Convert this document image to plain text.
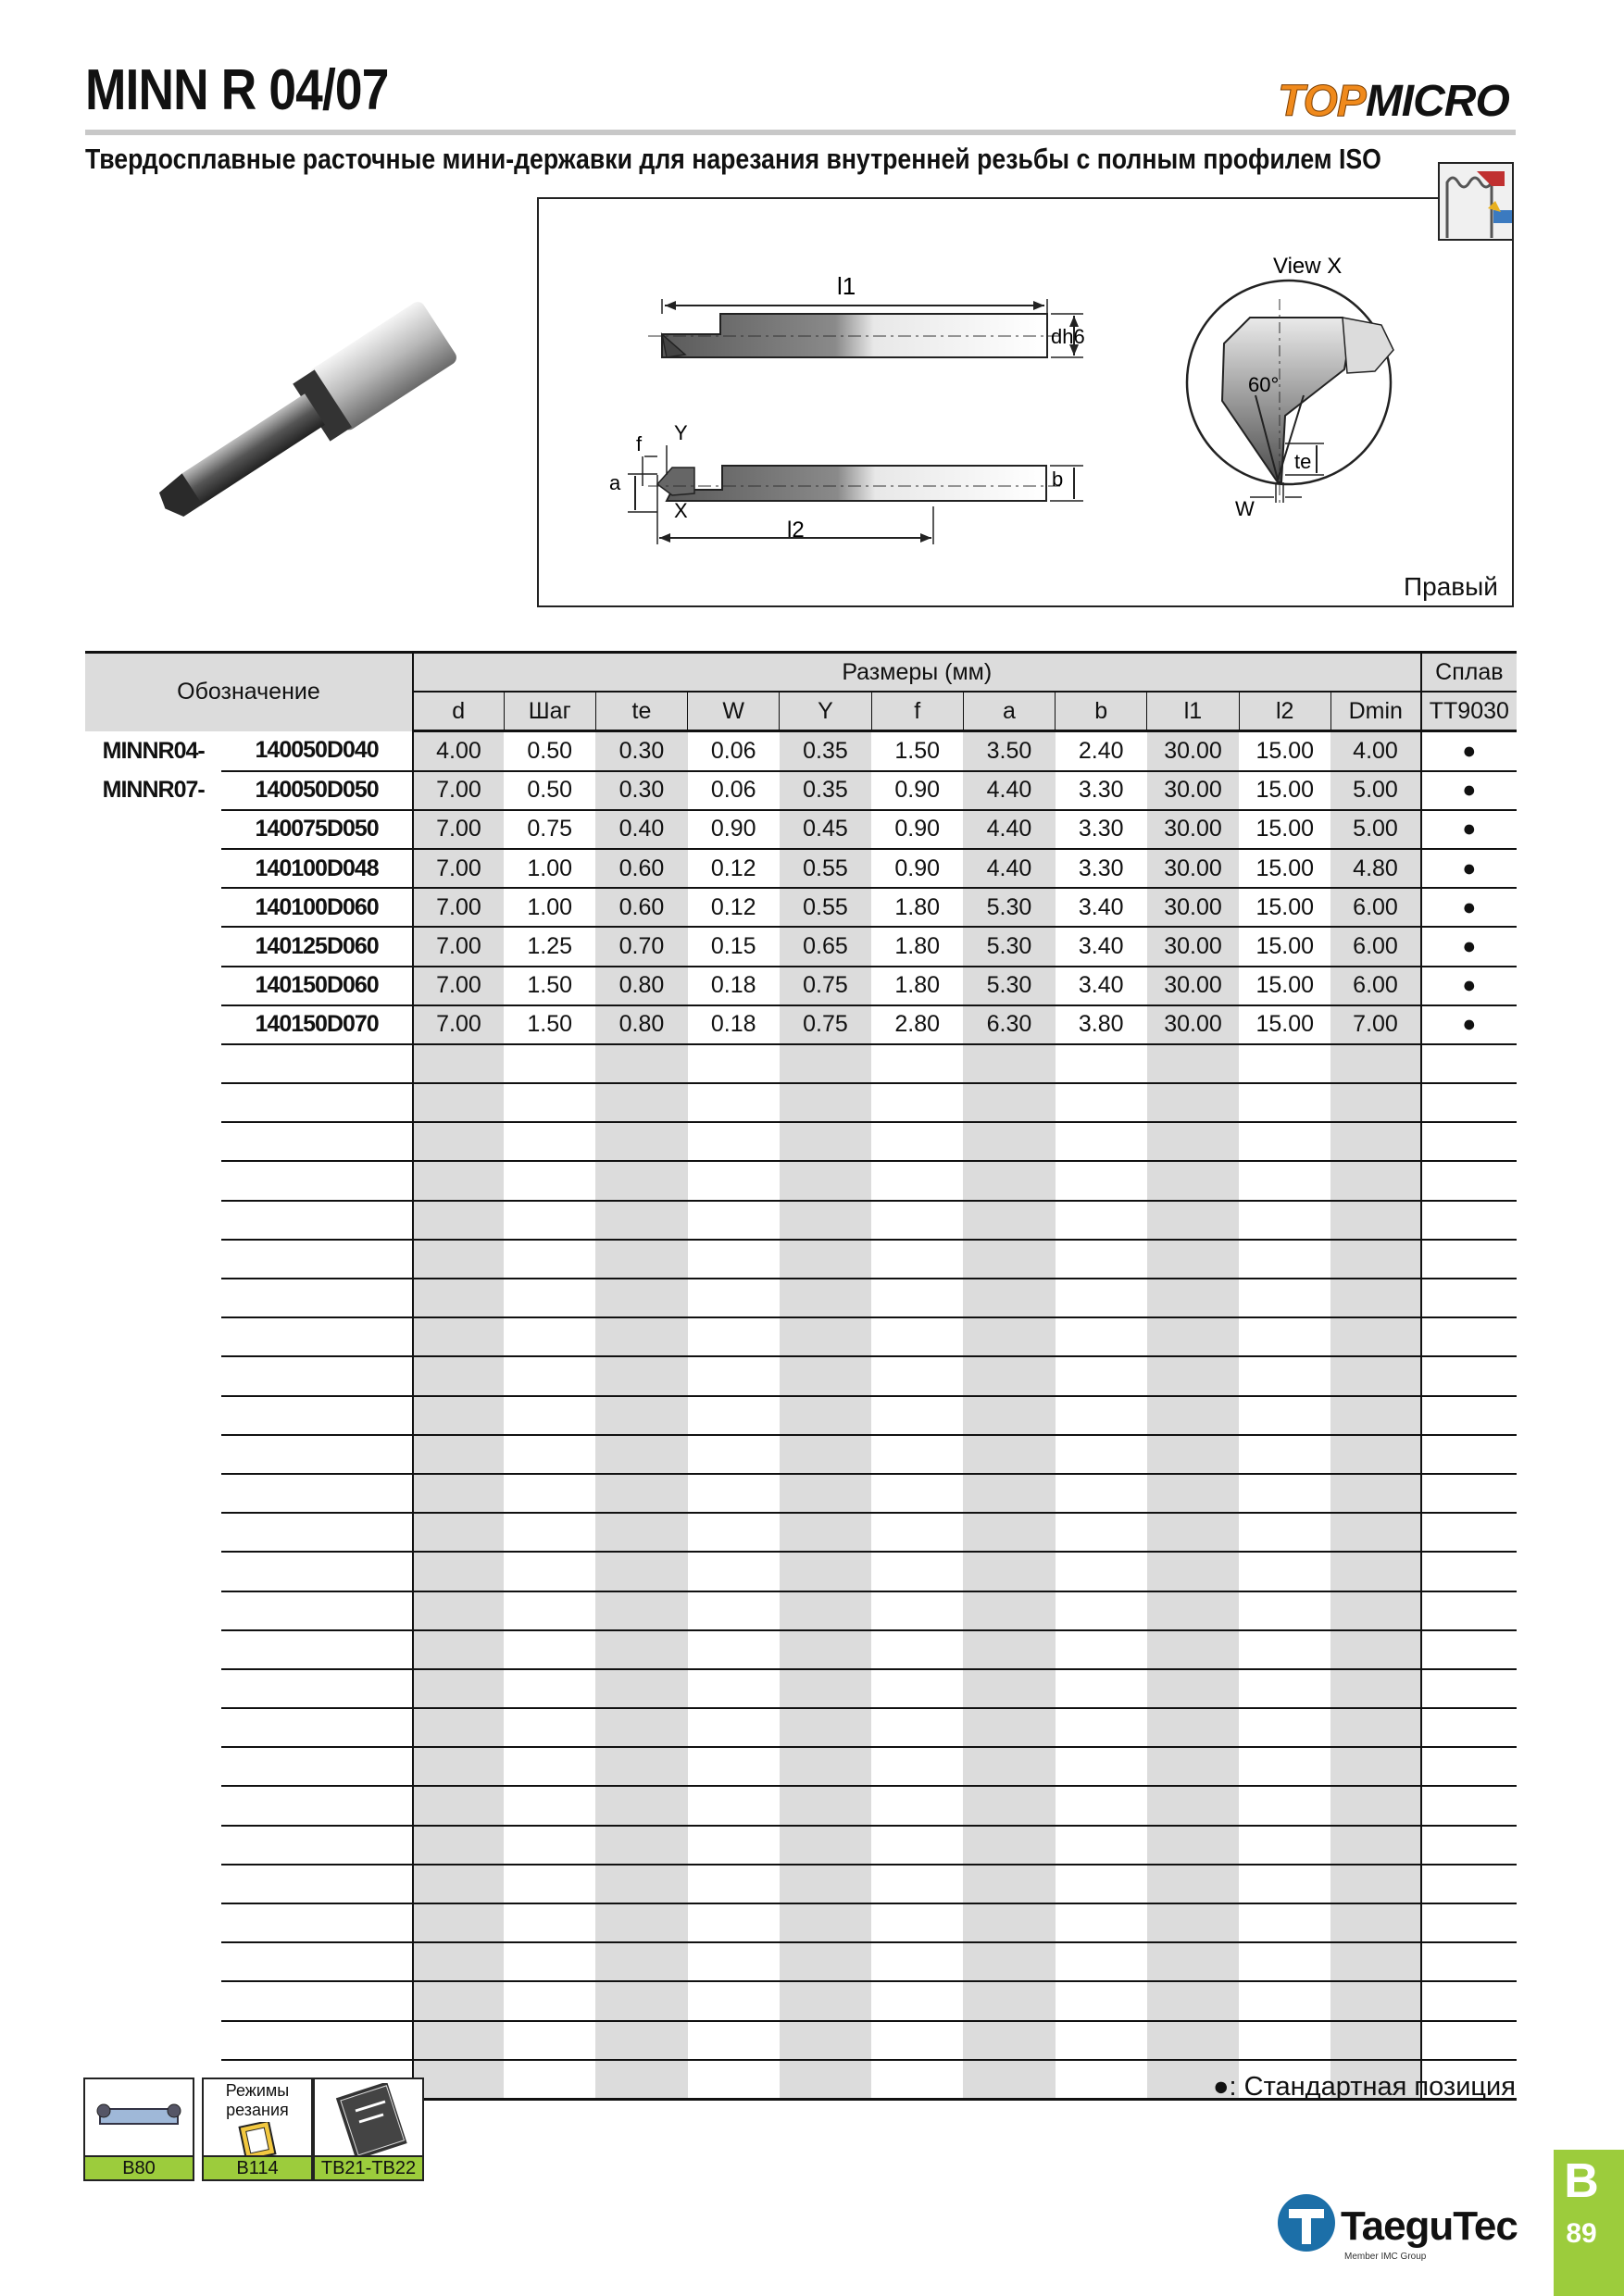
MINN R 04/07	TOPMICRO
Твердосплавные расточные мини-державки для нарезания внутренней резьбы с полным профилем ISO
l1
dh6
a
f Y
X
l2
b
View X
60°
te
W
Правый
Обозначение		Размеры (мм)											Сплав
		d	Шаг	te	W	Y	f	a	b	l1	l2	Dmin	TT9030
MINNR04-	140050D040	4.00	0.50	0.30	0.06	0.35	1.50	3.50	2.40	30.00	15.00	4.00	●
MINNR07-	140050D050	7.00	0.50	0.30	0.06	0.35	0.90	4.40	3.30	30.00	15.00	5.00	●
	140075D050	7.00	0.75	0.40	0.90	0.45	0.90	4.40	3.30	30.00	15.00	5.00	●
	140100D048	7.00	1.00	0.60	0.12	0.55	0.90	4.40	3.30	30.00	15.00	4.80	●
	140100D060	7.00	1.00	0.60	0.12	0.55	1.80	5.30	3.40	30.00	15.00	6.00	●
	140125D060	7.00	1.25	0.70	0.15	0.65	1.80	5.30	3.40	30.00	15.00	6.00	●
	140150D060	7.00	1.50	0.80	0.18	0.75	1.80	5.30	3.40	30.00	15.00	6.00	●
	140150D070	7.00	1.50	0.80	0.18	0.75	2.80	6.30	3.80	30.00	15.00	7.00	●

B80
Режимы резания
B114	TB21-TB22
●: Стандартная позиция
TaeguTec
Member IMC Group
B
89
